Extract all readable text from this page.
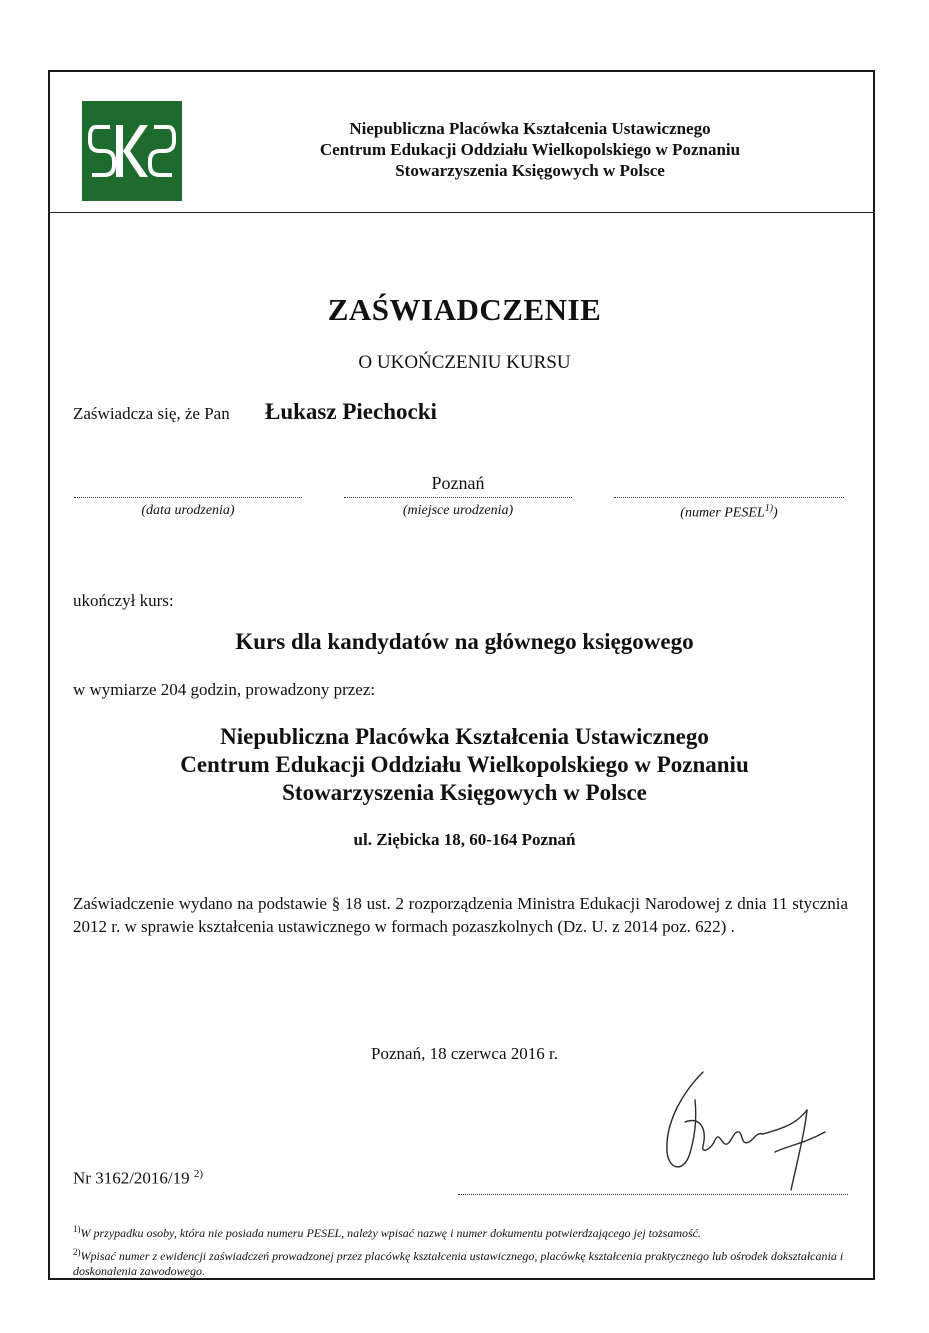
Niepubliczna Placówka Kształcenia Ustawicznego
Centrum Edukacji Oddziału Wielkopolskiego w Poznaniu
Stowarzyszenia Księgowych w Polsce
ZAŚWIADCZENIE
O UKOŃCZENIU KURSU
Zaświadcza się, że Pan Łukasz Piechocki
(data urodzenia)
Poznań
(miejsce urodzenia)	(numer PESEL$^{1)}$)
ukończył kurs:
Kurs dla kandydatów na głównego księgowego
w wymiarze 204 godzin, prowadzony przez:
Niepubliczna Placówka Kształcenia Ustawicznego
Centrum Edukacji Oddziału Wielkopolskiego w Poznaniu
Stowarzyszenia Księgowych w Polsce
ul. Ziębicka 18, 60-164 Poznań
Zaświadczenie wydano na podstawie § 18 ust. 2 rozporządzenia Ministra Edukacji Narodowej z dnia 11 stycznia 2012 r. w sprawie kształcenia ustawicznego w formach pozaszkolnych (Dz. U. z 2014 poz. 622) .
Poznań, 18 czerwca 2016 r.
Nr 3162/2016/19 $^{2)}$
$^{1)}$W przypadku osoby, która nie posiada numeru PESEL, należy wpisać nazwę i numer dokumentu potwierdzającego jej tożsamość.
$^{2)}$Wpisać numer z ewidencji zaświadczeń prowadzonej przez placówkę kształcenia ustawicznego, placówkę kształcenia praktycznego lub ośrodek dokształcania i doskonalenia zawodowego.
